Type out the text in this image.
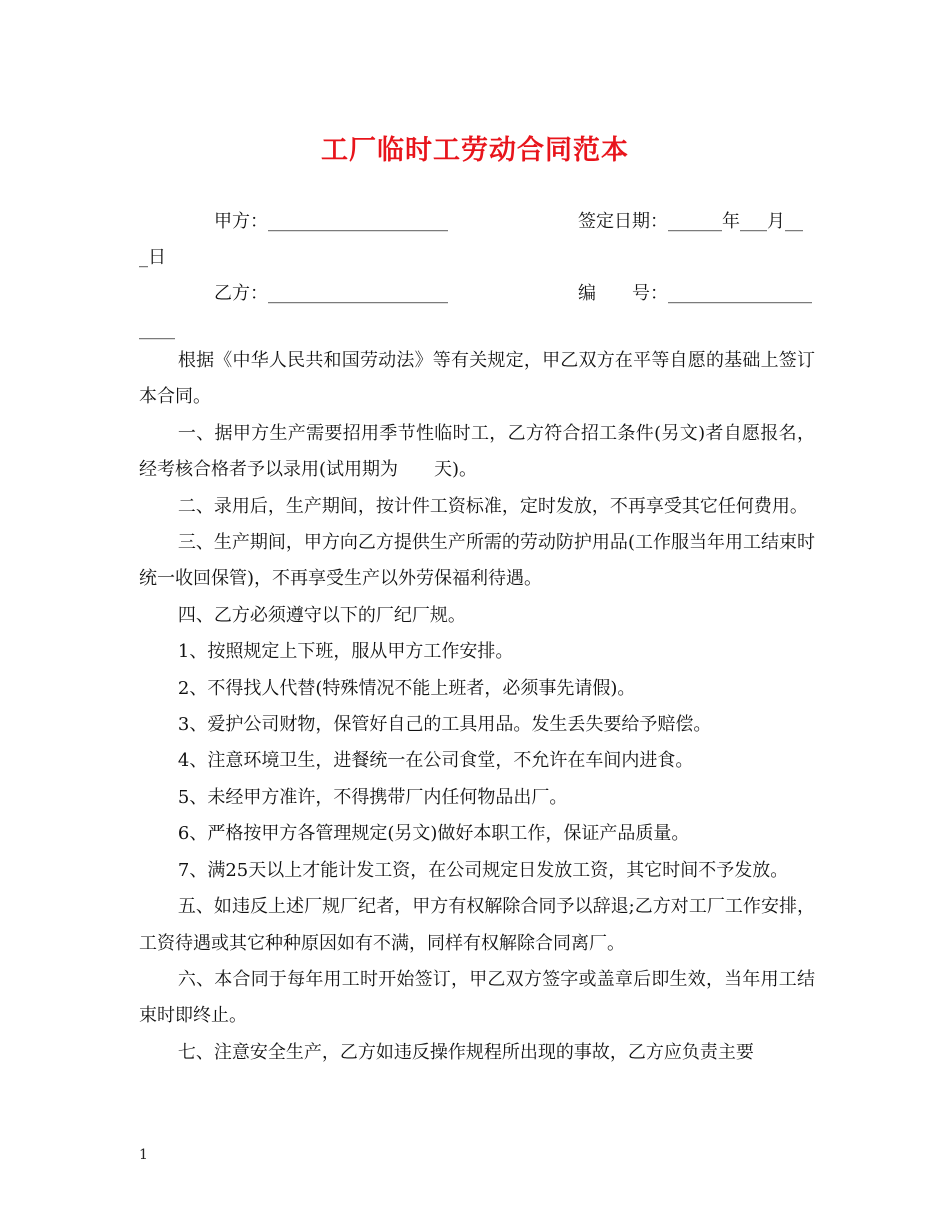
工厂临时工劳动合同范本

甲方：____________________	签定日期：______年___月__

_日

乙方：____________________	编　　号：________________

____

根据《中华人民共和国劳动法》等有关规定，甲乙双方在平等自愿的基础上签订本合同。

一、据甲方生产需要招用季节性临时工，乙方符合招工条件(另文)者自愿报名，经考核合格者予以录用(试用期为　　天)。

二、录用后，生产期间，按计件工资标准，定时发放，不再享受其它任何费用。

三、生产期间，甲方向乙方提供生产所需的劳动防护用品(工作服当年用工结束时统一收回保管)，不再享受生产以外劳保福利待遇。

四、乙方必须遵守以下的厂纪厂规。

1、按照规定上下班，服从甲方工作安排。

2、不得找人代替(特殊情况不能上班者，必须事先请假)。

3、爱护公司财物，保管好自己的工具用品。发生丢失要给予赔偿。

4、注意环境卫生，进餐统一在公司食堂，不允许在车间内进食。

5、未经甲方准许，不得携带厂内任何物品出厂。

6、严格按甲方各管理规定(另文)做好本职工作，保证产品质量。

7、满25天以上才能计发工资，在公司规定日发放工资，其它时间不予发放。

五、如违反上述厂规厂纪者，甲方有权解除合同予以辞退;乙方对工厂工作安排，工资待遇或其它种种原因如有不满，同样有权解除合同离厂。

六、本合同于每年用工时开始签订，甲乙双方签字或盖章后即生效，当年用工结束时即终止。

七、注意安全生产，乙方如违反操作规程所出现的事故，乙方应负责主要

1
